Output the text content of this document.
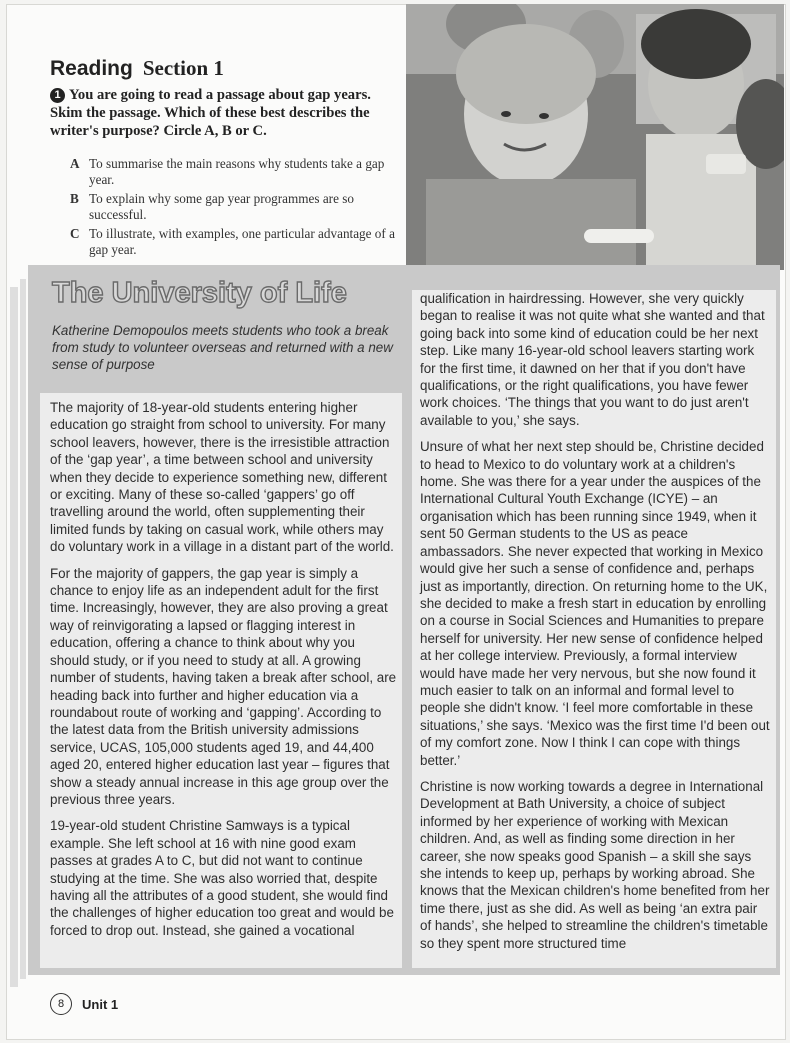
Reading Section 1
1 You are going to read a passage about gap years. Skim the passage. Which of these best describes the writer's purpose? Circle A, B or C.
A To summarise the main reasons why students take a gap year.
B To explain why some gap year programmes are so successful.
C To illustrate, with examples, one particular advantage of a gap year.
The University of Life
Katherine Demopoulos meets students who took a break from study to volunteer overseas and returned with a new sense of purpose

The majority of 18-year-old students entering higher education go straight from school to university. For many school leavers, however, there is the irresistible attraction of the ‘gap year’, a time between school and university when they decide to experience something new, different or exciting. Many of these so-called ‘gappers’ go off travelling around the world, often supplementing their limited funds by taking on casual work, while others may do voluntary work in a village in a distant part of the world.

For the majority of gappers, the gap year is simply a chance to enjoy life as an independent adult for the first time. Increasingly, however, they are also proving a great way of reinvigorating a lapsed or flagging interest in education, offering a chance to think about why you should study, or if you need to study at all. A growing number of students, having taken a break after school, are heading back into further and higher education via a roundabout route of working and ‘gapping’. According to the latest data from the British university admissions service, UCAS, 105,000 students aged 19, and 44,400 aged 20, entered higher education last year – figures that show a steady annual increase in this age group over the previous three years.

19-year-old student Christine Samways is a typical example. She left school at 16 with nine good exam passes at grades A to C, but did not want to continue studying at the time. She was also worried that, despite having all the attributes of a good student, she would find the challenges of higher education too great and would be forced to drop out. Instead, she gained a vocational

qualification in hairdressing. However, she very quickly began to realise it was not quite what she wanted and that going back into some kind of education could be her next step. Like many 16-year-old school leavers starting work for the first time, it dawned on her that if you don't have qualifications, or the right qualifications, you have fewer work choices. ‘The things that you want to do just aren't available to you,’ she says.

Unsure of what her next step should be, Christine decided to head to Mexico to do voluntary work at a children's home. She was there for a year under the auspices of the International Cultural Youth Exchange (ICYE) – an organisation which has been running since 1949, when it sent 50 German students to the US as peace ambassadors. She never expected that working in Mexico would give her such a sense of confidence and, perhaps just as importantly, direction. On returning home to the UK, she decided to make a fresh start in education by enrolling on a course in Social Sciences and Humanities to prepare herself for university. Her new sense of confidence helped at her college interview. Previously, a formal interview would have made her very nervous, but she now found it much easier to talk on an informal and formal level to people she didn't know. ‘I feel more comfortable in these situations,’ she says. ‘Mexico was the first time I'd been out of my comfort zone. Now I think I can cope with things better.’

Christine is now working towards a degree in International Development at Bath University, a choice of subject informed by her experience of working with Mexican children. And, as well as finding some direction in her career, she now speaks good Spanish – a skill she says she intends to keep up, perhaps by working abroad. She knows that the Mexican children's home benefited from her time there, just as she did. As well as being ‘an extra pair of hands’, she helped to streamline the children's timetable so they spent more structured time

8	Unit 1
